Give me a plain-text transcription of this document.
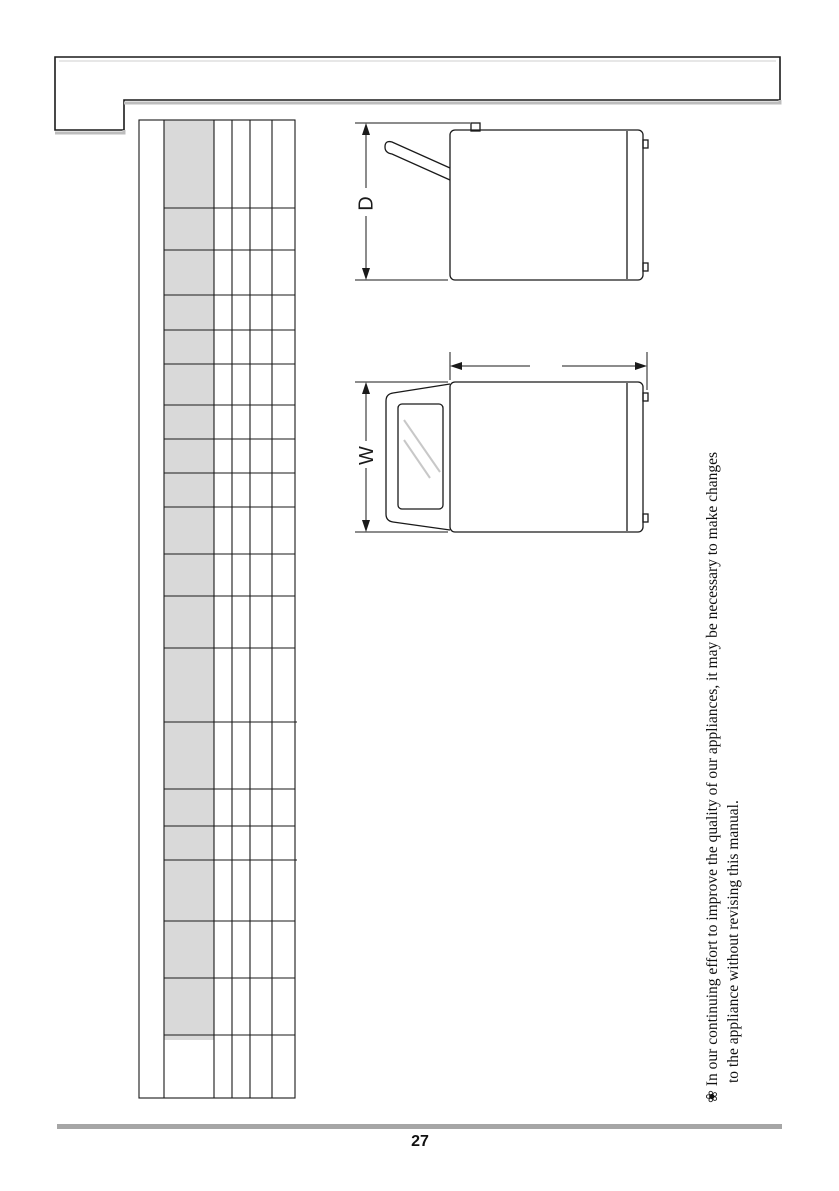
D
W
❀ In our continuing effort to improve the quality of our appliances, it may be necessary to make changes to the appliance without revising this manual.
27
